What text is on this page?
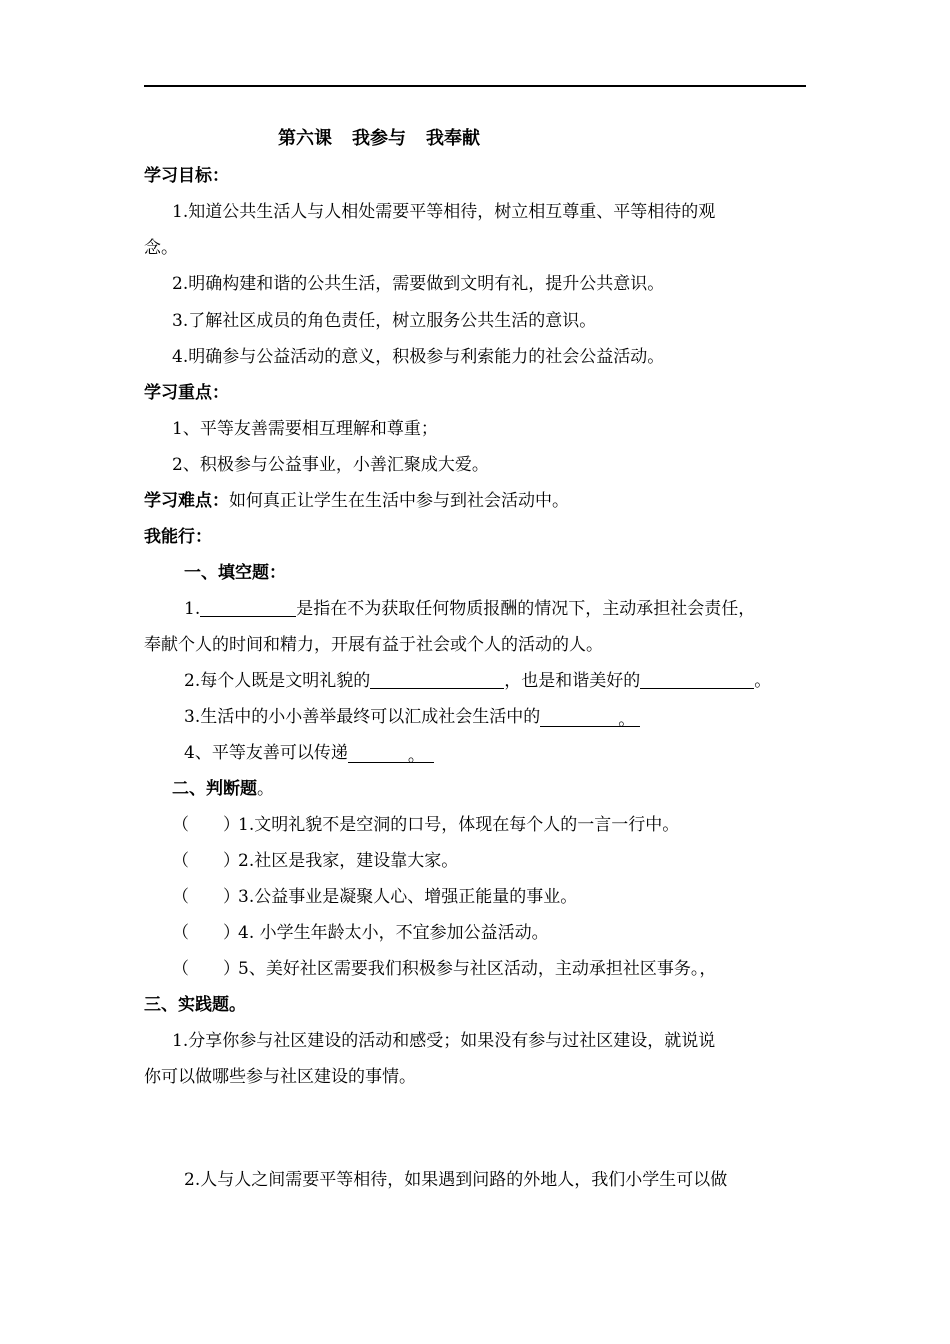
第六课 我参与 我奉献
学习目标：
1.知道公共生活人与人相处需要平等相待，树立相互尊重、平等相待的观
念。
2.明确构建和谐的公共生活，需要做到文明有礼，提升公共意识。
3.了解社区成员的角色责任，树立服务公共生活的意识。
4.明确参与公益活动的意义，积极参与利索能力的社会公益活动。
学习重点：
1、平等友善需要相互理解和尊重；
2、积极参与公益事业，小善汇聚成大爱。
学习难点：如何真正让学生在生活中参与到社会活动中。
我能行：
一、填空题：
1.	是指在不为获取任何物质报酬的情况下，主动承担社会责任，
奉献个人的时间和精力，开展有益于社会或个人的活动的人。
2.每个人既是文明礼貌的	，也是和谐美好的	。
3.生活中的小小善举最终可以汇成社会生活中的	。
4、平等友善可以传递	。
二、判断题。
（ ）1.文明礼貌不是空洞的口号，体现在每个人的一言一行中。
（ ）2.社区是我家，建设靠大家。
（ ）3.公益事业是凝聚人心、增强正能量的事业。
（ ）4. 小学生年龄太小，不宜参加公益活动。
（ ）5、美好社区需要我们积极参与社区活动，主动承担社区事务。，
三、实践题。
1.分享你参与社区建设的活动和感受；如果没有参与过社区建设，就说说
你可以做哪些参与社区建设的事情。
2.人与人之间需要平等相待，如果遇到问路的外地人，我们小学生可以做
